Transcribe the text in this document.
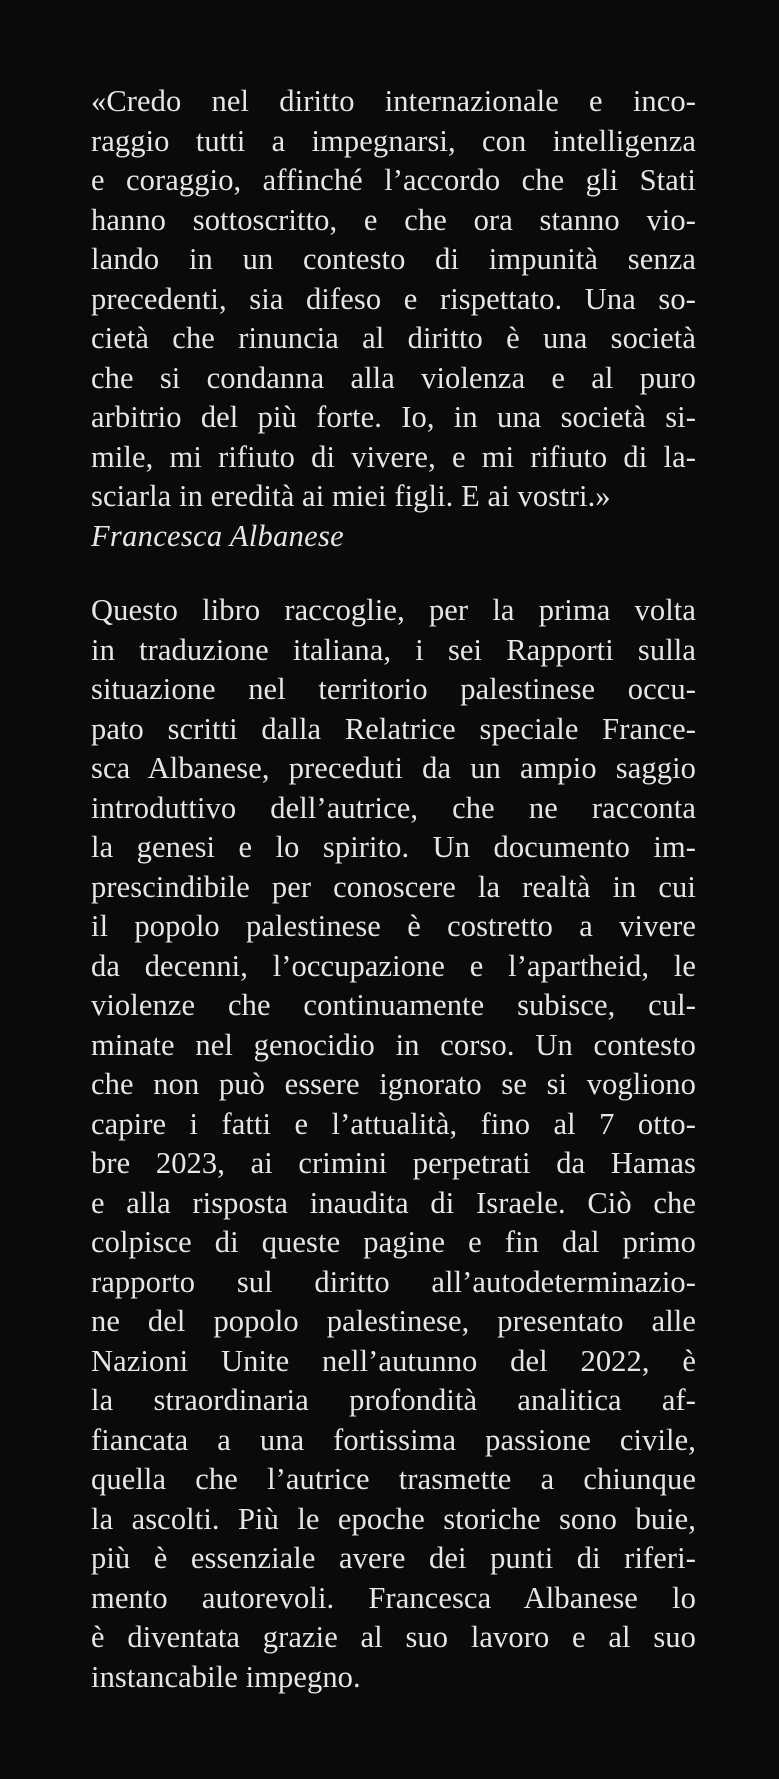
«Credo nel diritto internazionale e inco-
raggio tutti a impegnarsi, con intelligenza
e coraggio, affinché l’accordo che gli Stati
hanno sottoscritto, e che ora stanno vio-
lando in un contesto di impunità senza
precedenti, sia difeso e rispettato. Una so-
cietà che rinuncia al diritto è una società
che si condanna alla violenza e al puro
arbitrio del più forte. Io, in una società si-
mile, mi rifiuto di vivere, e mi rifiuto di la-
sciarla in eredità ai miei figli. E ai vostri.»
Francesca Albanese
Questo libro raccoglie, per la prima volta
in traduzione italiana, i sei Rapporti sulla
situazione nel territorio palestinese occu-
pato scritti dalla Relatrice speciale France-
sca Albanese, preceduti da un ampio saggio
introduttivo dell’autrice, che ne racconta
la genesi e lo spirito. Un documento im-
prescindibile per conoscere la realtà in cui
il popolo palestinese è costretto a vivere
da decenni, l’occupazione e l’apartheid, le
violenze che continuamente subisce, cul-
minate nel genocidio in corso. Un contesto
che non può essere ignorato se si vogliono
capire i fatti e l’attualità, fino al 7 otto-
bre 2023, ai crimini perpetrati da Hamas
e alla risposta inaudita di Israele. Ciò che
colpisce di queste pagine e fin dal primo
rapporto sul diritto all’autodeterminazio-
ne del popolo palestinese, presentato alle
Nazioni Unite nell’autunno del 2022, è
la straordinaria profondità analitica af-
fiancata a una fortissima passione civile,
quella che l’autrice trasmette a chiunque
la ascolti. Più le epoche storiche sono buie,
più è essenziale avere dei punti di riferi-
mento autorevoli. Francesca Albanese lo
è diventata grazie al suo lavoro e al suo
instancabile impegno.
